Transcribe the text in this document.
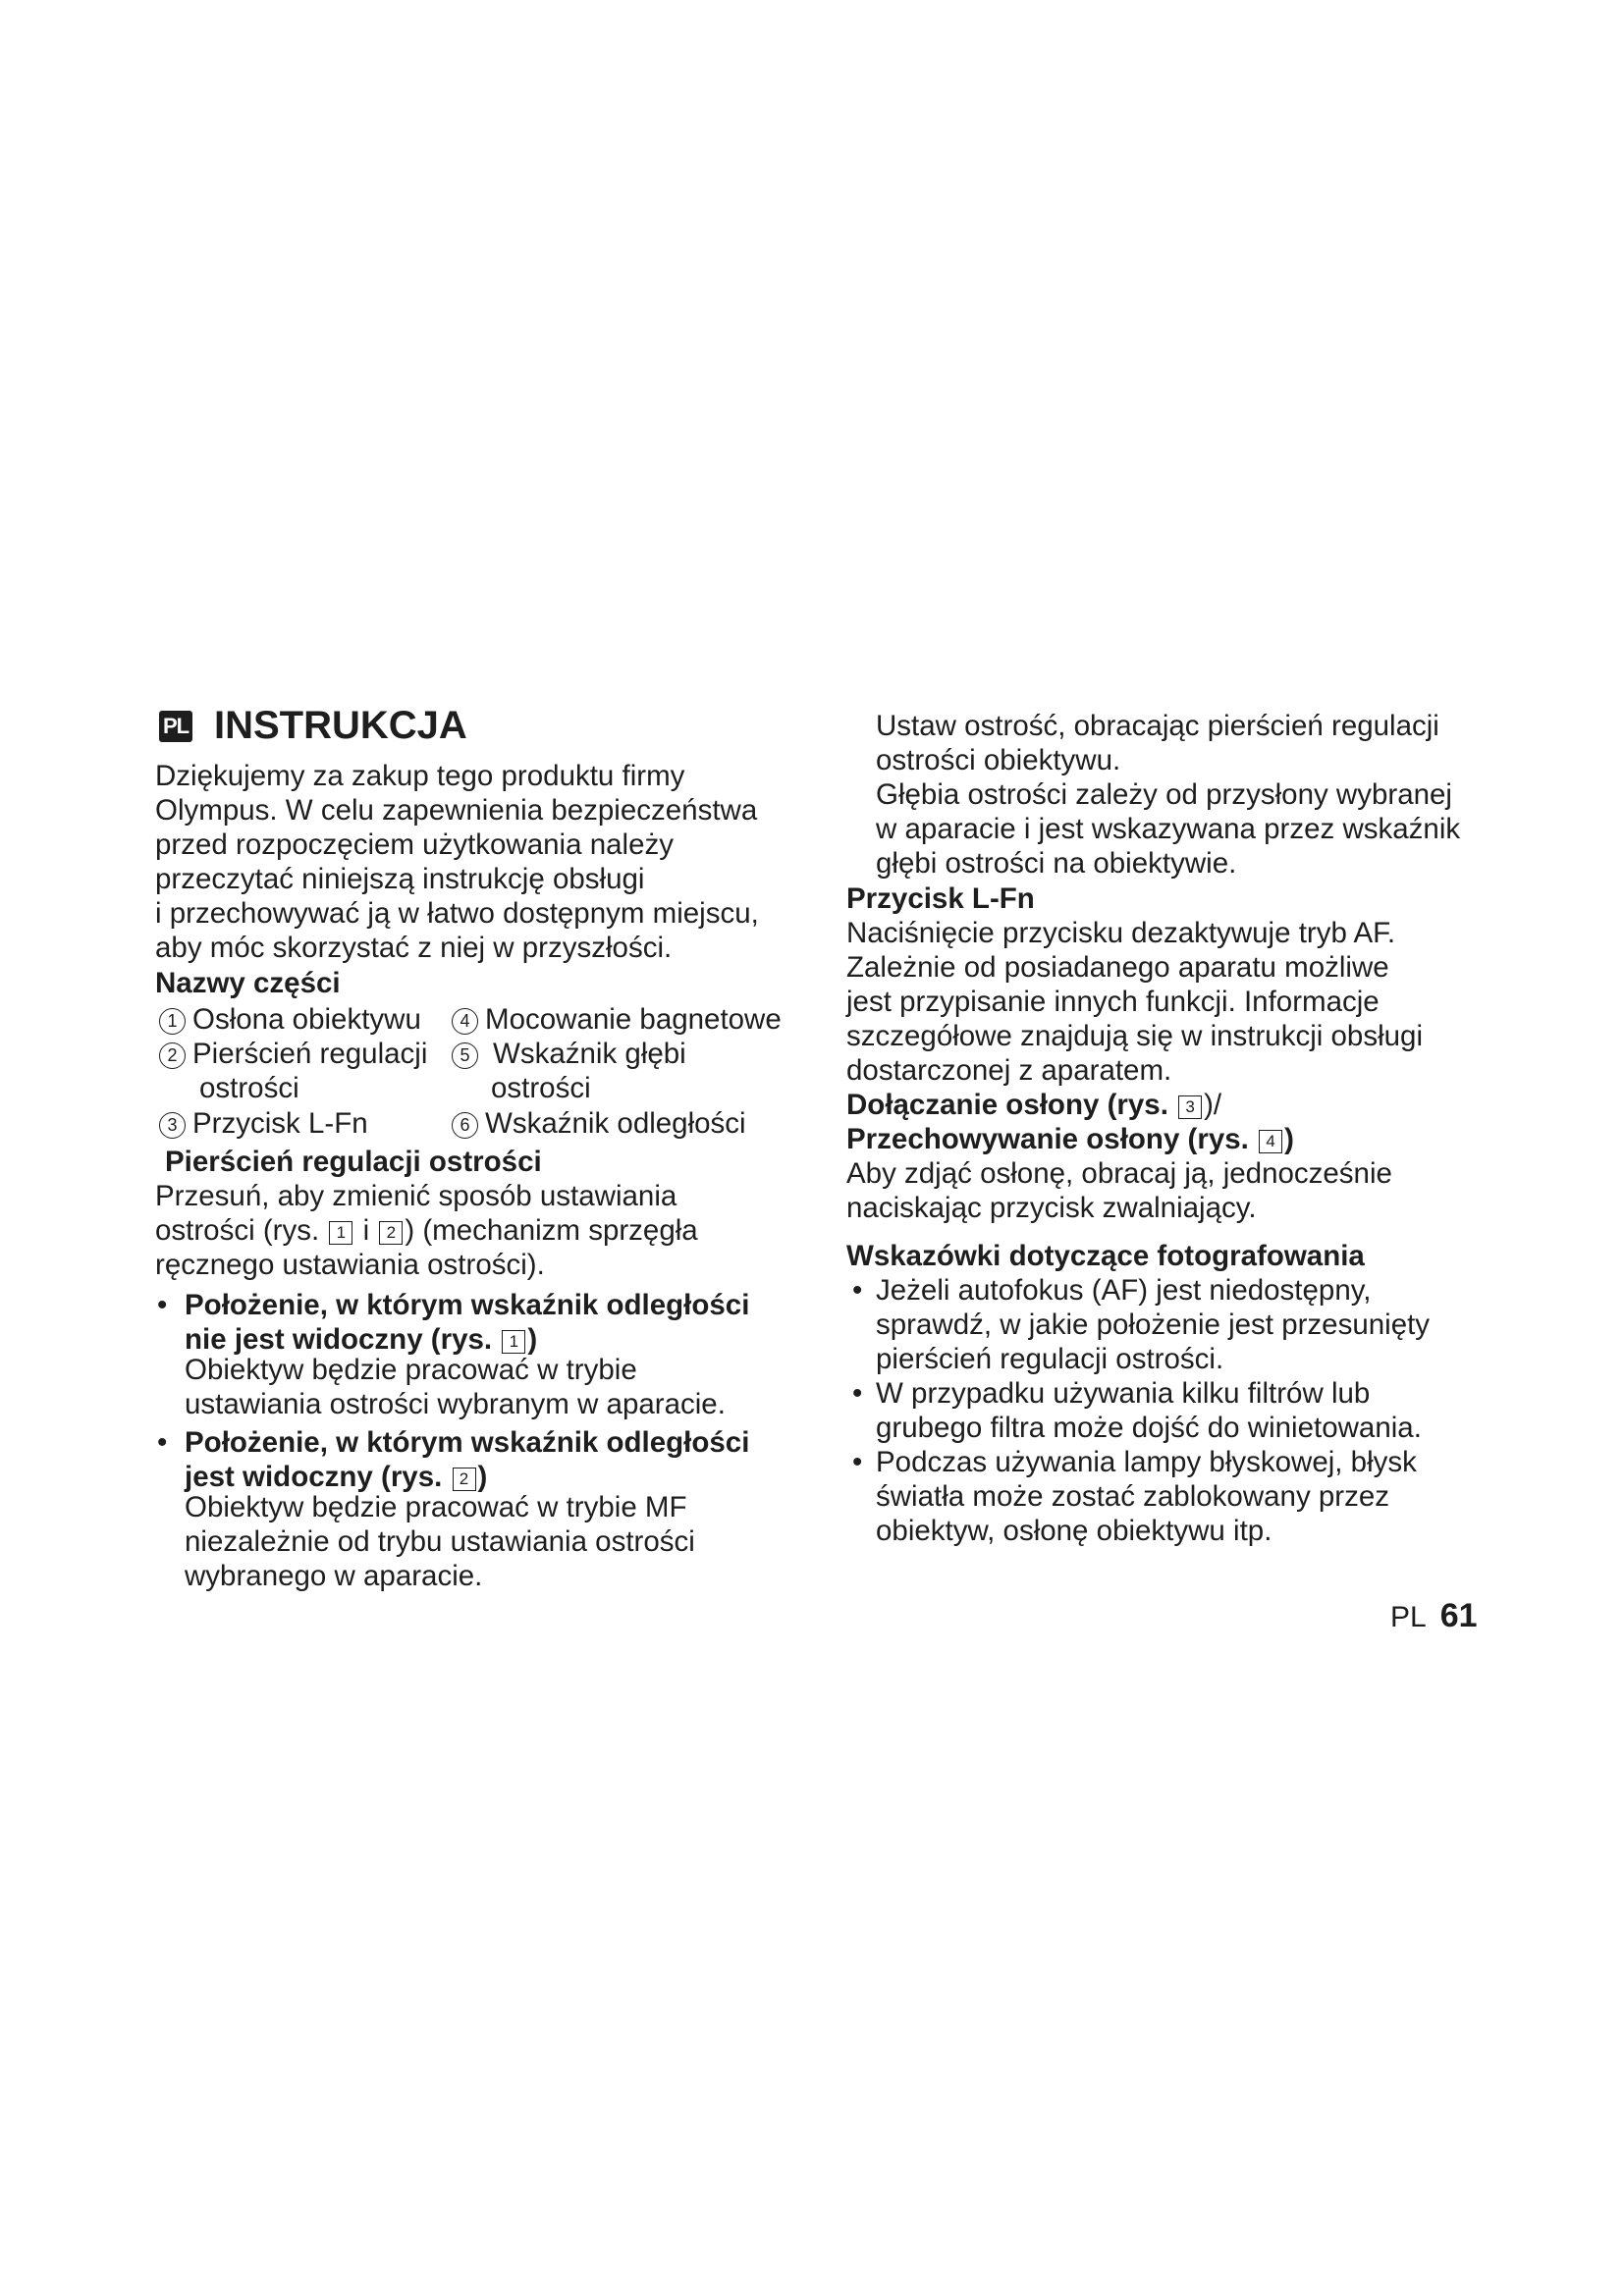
PL INSTRUKCJA
Dziękujemy za zakup tego produktu firmy
Olympus. W celu zapewnienia bezpieczeństwa
przed rozpoczęciem użytkowania należy
przeczytać niniejszą instrukcję obsługi
i przechowywać ją w łatwo dostępnym miejscu,
aby móc skorzystać z niej w przyszłości.
Nazwy części
1 Osłona obiektywu	4 Mocowanie bagnetowe
2 Pierścień regulacji
ostrości
5 Wskaźnik głębi
ostrości
3 Przycisk L-Fn	6 Wskaźnik odległości
Pierścień regulacji ostrości
Przesuń, aby zmienić sposób ustawiania
ostrości (rys. 1 i 2 ) (mechanizm sprzęgła
ręcznego ustawiania ostrości).
• Położenie, w którym wskaźnik odległości
nie jest widoczny (rys. 1 )
Obiektyw będzie pracować w trybie
ustawiania ostrości wybranym w aparacie.
• Położenie, w którym wskaźnik odległości
jest widoczny (rys. 2 )
Obiektyw będzie pracować w trybie MF
niezależnie od trybu ustawiania ostrości
wybranego w aparacie.
Ustaw ostrość, obracając pierścień regulacji
ostrości obiektywu.
Głębia ostrości zależy od przysłony wybranej
w aparacie i jest wskazywana przez wskaźnik
głębi ostrości na obiektywie.
Przycisk L-Fn
Naciśnięcie przycisku dezaktywuje tryb AF.
Zależnie od posiadanego aparatu możliwe
jest przypisanie innych funkcji. Informacje
szczegółowe znajdują się w instrukcji obsługi
dostarczonej z aparatem.
Dołączanie osłony (rys. 3 )/
Przechowywanie osłony (rys. 4 )
Aby zdjąć osłonę, obracaj ją, jednocześnie
naciskając przycisk zwalniający.
Wskazówki dotyczące fotografowania
• Jeżeli autofokus (AF) jest niedostępny,
sprawdź, w jakie położenie jest przesunięty
pierścień regulacji ostrości.
• W przypadku używania kilku filtrów lub
grubego filtra może dojść do winietowania.
• Podczas używania lampy błyskowej, błysk
światła może zostać zablokowany przez
obiektyw, osłonę obiektywu itp.
PL 61
